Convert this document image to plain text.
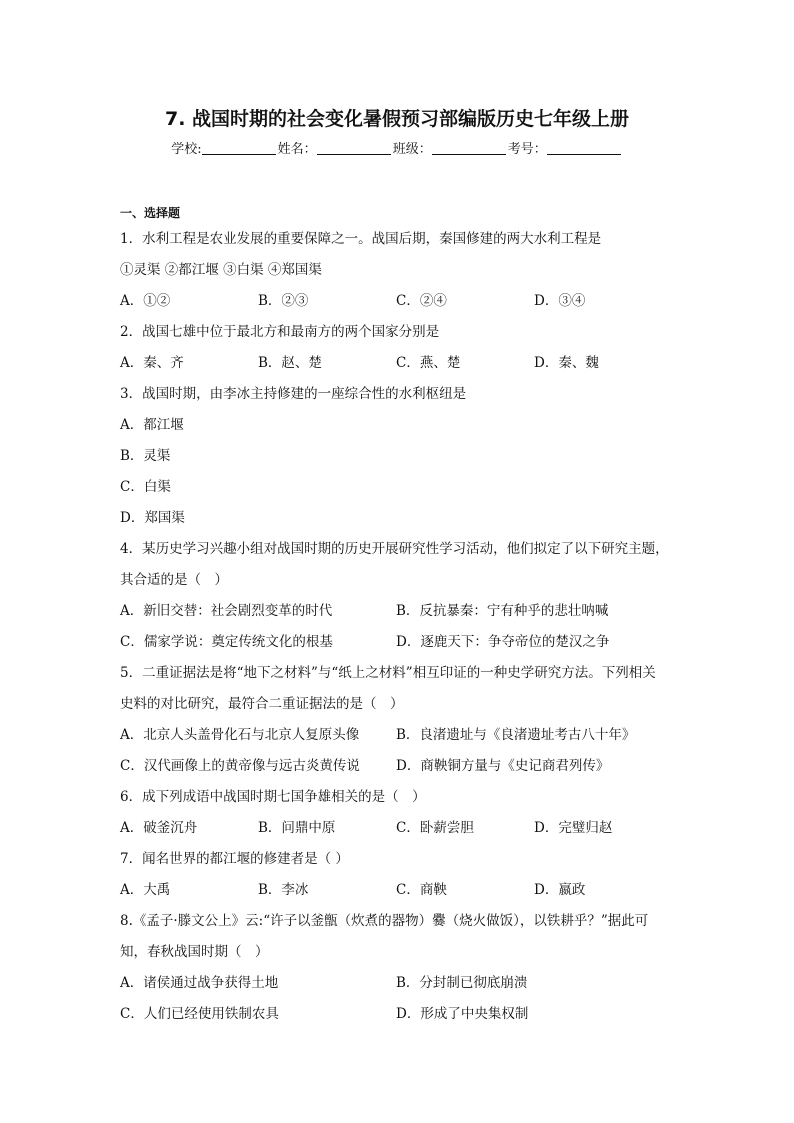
7. 战国时期的社会变化暑假预习部编版历史七年级上册
学校:	姓名：	班级：	考号：
一、选择题
1．水利工程是农业发展的重要保障之一。战国后期，秦国修建的两大水利工程是
①灵渠 ②都江堰 ③白渠 ④郑国渠
A．①②	B．②③	C．②④	D．③④
2．战国七雄中位于最北方和最南方的两个国家分别是
A．秦、齐	B．赵、楚	C．燕、楚	D．秦、魏
3．战国时期，由李冰主持修建的一座综合性的水利枢纽是
A．都江堰
B．灵渠
C．白渠
D．郑国渠
4．某历史学习兴趣小组对战国时期的历史开展研究性学习活动，他们拟定了以下研究主题，
其合适的是（　）
A．新旧交替：社会剧烈变革的时代	B．反抗暴秦：宁有种乎的悲壮呐喊
C．儒家学说：奠定传统文化的根基	D．逐鹿天下：争夺帝位的楚汉之争
5．二重证据法是将“地下之材料”与“纸上之材料”相互印证的一种史学研究方法。下列相关
史料的对比研究，最符合二重证据法的是（　）
A．北京人头盖骨化石与北京人复原头像	B．良渚遗址与《良渚遗址考古八十年》
C．汉代画像上的黄帝像与远古炎黄传说	D．商鞅铜方量与《史记商君列传》
6．成下列成语中战国时期七国争雄相关的是（　）
A．破釜沉舟	B．问鼎中原	C．卧薪尝胆	D．完璧归赵
7．闻名世界的都江堰的修建者是（ ）
A．大禹	B．李冰	C．商鞅	D．嬴政
8.《孟子·滕文公上》云:“许子以釜甑（炊煮的器物）爨（烧火做饭），以铁耕乎？”据此可
知，春秋战国时期（　）
A．诸侯通过战争获得土地	B．分封制已彻底崩溃
C．人们已经使用铁制农具	D．形成了中央集权制
